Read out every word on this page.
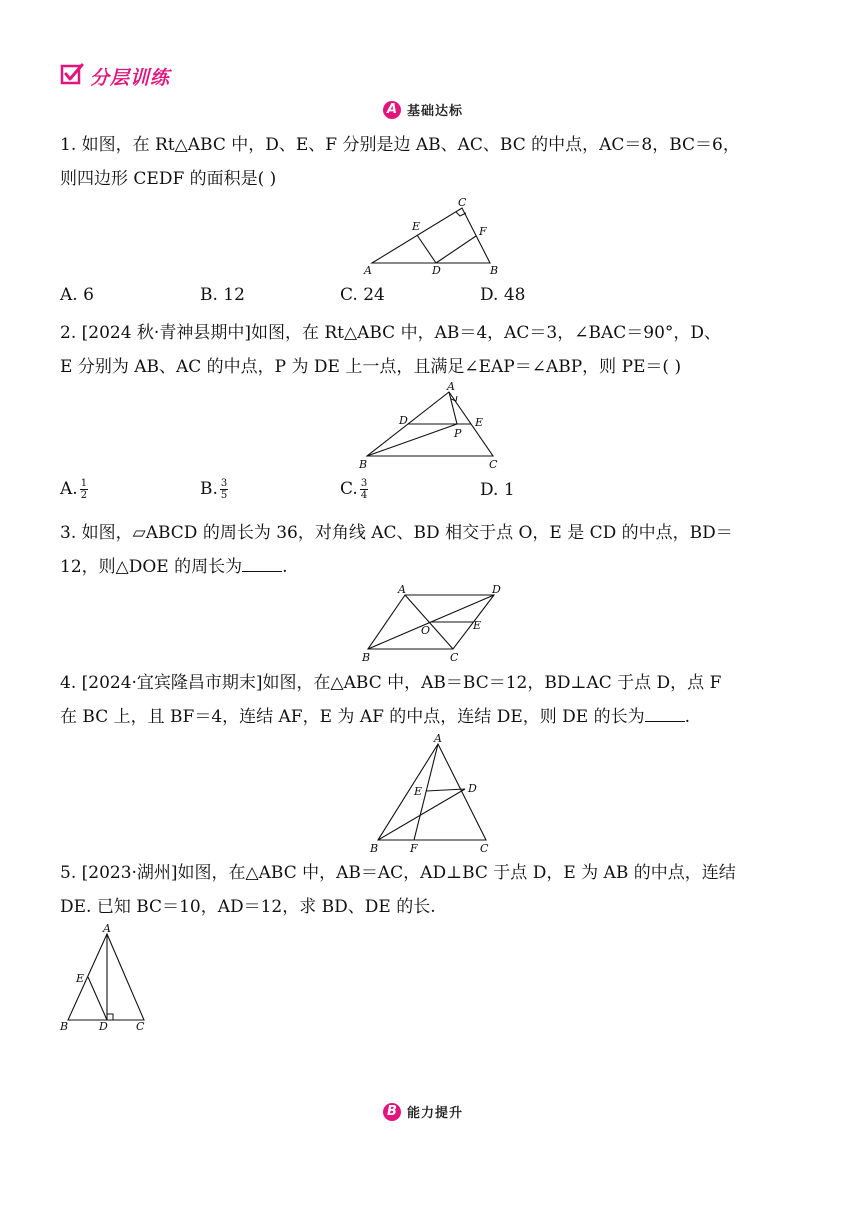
分层训练
A 基础达标
1. 如图，在 Rt△ABC 中，D、E、F 分别是边 AB、AC、BC 的中点，AC＝8，BC＝6，
则四边形 CEDF 的面积是( )
A	B
C
D
E	F
A. 6	B. 12	C. 24	D. 48
2. [2024 秋·青神县期中]如图，在 Rt△ABC 中，AB＝4，AC＝3，∠BAC＝90°，D、
E 分别为 AB、AC 的中点，P 为 DE 上一点，且满足∠EAP＝∠ABP，则 PE＝( )
A
B	C
D	E
P
A. $\frac{1}{2}$	B. $\frac{3}{5}$	C. $\frac{3}{4}$	D. 1
3. 如图，▱ABCD 的周长为 36，对角线 AC、BD 相交于点 O，E 是 CD 的中点，BD＝
12，则△DOE 的周长为 .
A
B	C
D
E
O
4. [2024·宜宾隆昌市期末]如图，在△ABC 中，AB＝BC＝12，BD⊥AC 于点 D，点 F
在 BC 上，且 BF＝4，连结 AF，E 为 AF 的中点，连结 DE，则 DE 的长为 .
A
B	C
D
E
F
5. [2023·湖州]如图，在△ABC 中，AB＝AC，AD⊥BC 于点 D，E 为 AB 的中点，连结
DE. 已知 BC＝10，AD＝12，求 BD、DE 的长.
A
B	C
D
E
B 能力提升
